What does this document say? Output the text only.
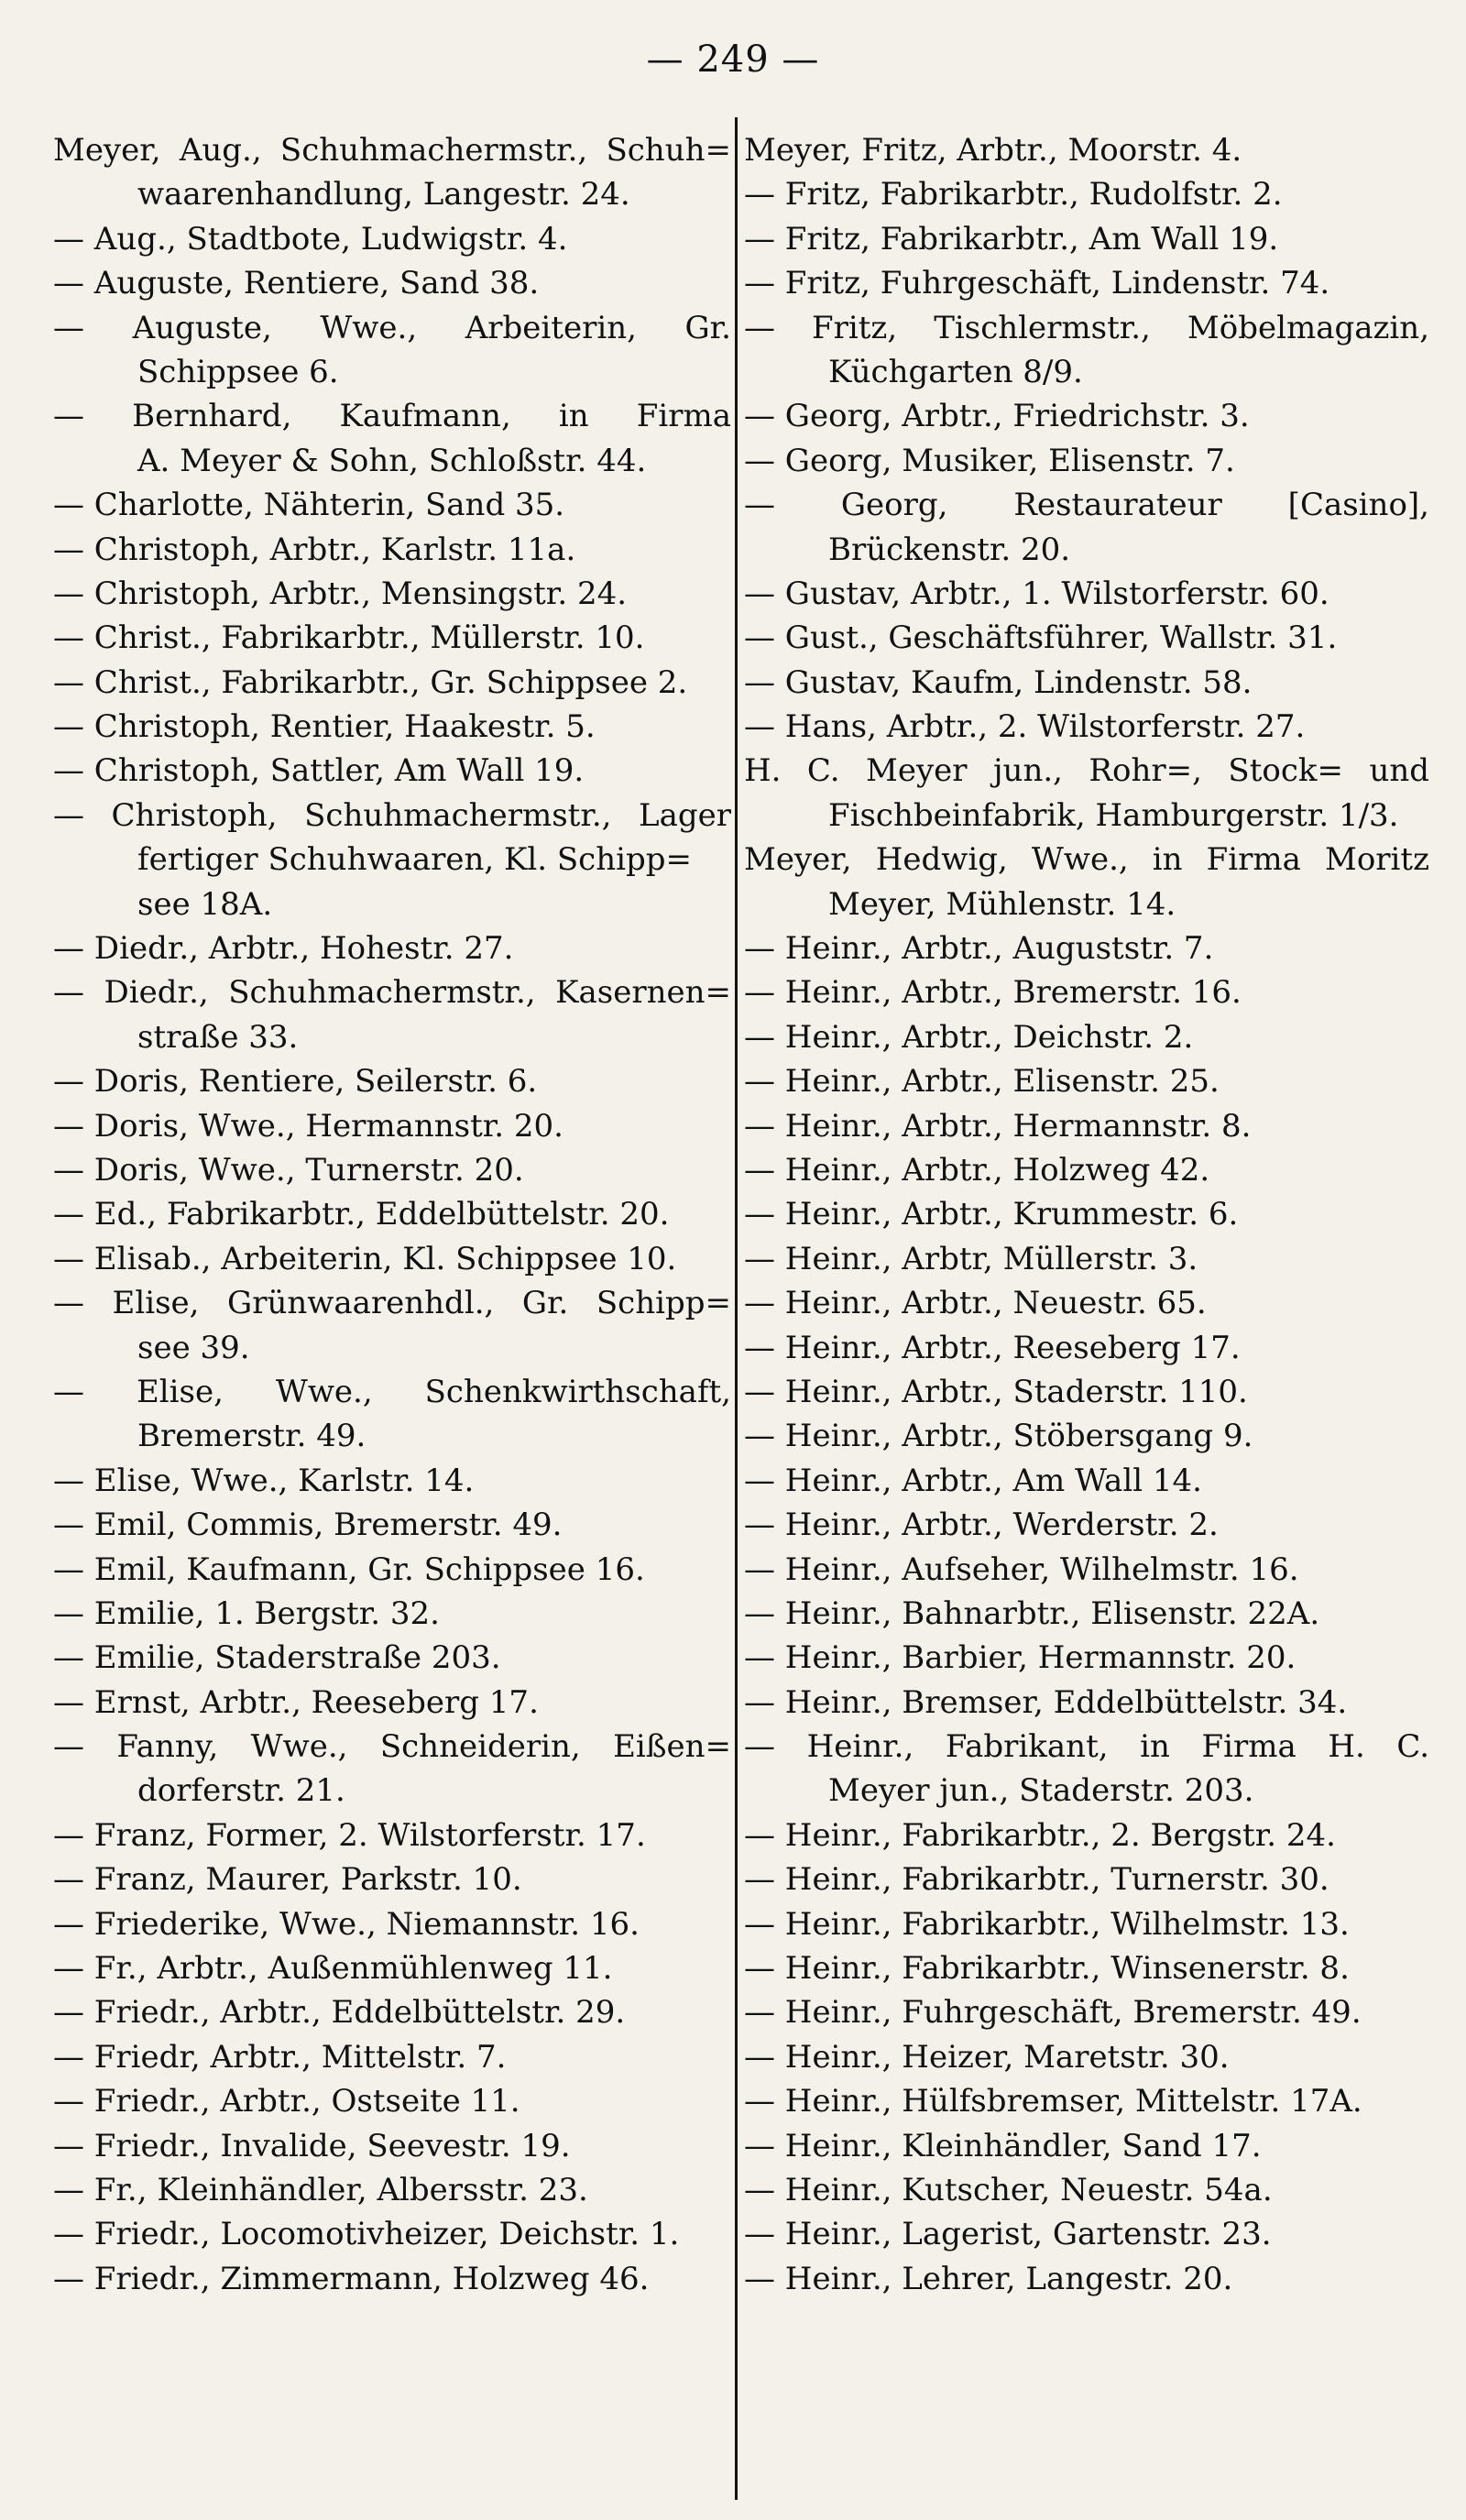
— 249 —
Meyer, Aug., Schuhmachermstr., Schuh=
waarenhandlung, Langestr. 24.
— Aug., Stadtbote, Ludwigstr. 4.
— Auguste, Rentiere, Sand 38.
— Auguste, Wwe., Arbeiterin, Gr.
Schippsee 6.
— Bernhard, Kaufmann, in Firma
A. Meyer & Sohn, Schloßstr. 44.
— Charlotte, Nähterin, Sand 35.
— Christoph, Arbtr., Karlstr. 11a.
— Christoph, Arbtr., Mensingstr. 24.
— Christ., Fabrikarbtr., Müllerstr. 10.
— Christ., Fabrikarbtr., Gr. Schippsee 2.
— Christoph, Rentier, Haakestr. 5.
— Christoph, Sattler, Am Wall 19.
— Christoph, Schuhmachermstr., Lager
fertiger Schuhwaaren, Kl. Schipp=
see 18A.
— Diedr., Arbtr., Hohestr. 27.
— Diedr., Schuhmachermstr., Kasernen=
straße 33.
— Doris, Rentiere, Seilerstr. 6.
— Doris, Wwe., Hermannstr. 20.
— Doris, Wwe., Turnerstr. 20.
— Ed., Fabrikarbtr., Eddelbüttelstr. 20.
— Elisab., Arbeiterin, Kl. Schippsee 10.
— Elise, Grünwaarenhdl., Gr. Schipp=
see 39.
— Elise, Wwe., Schenkwirthschaft,
Bremerstr. 49.
— Elise, Wwe., Karlstr. 14.
— Emil, Commis, Bremerstr. 49.
— Emil, Kaufmann, Gr. Schippsee 16.
— Emilie, 1. Bergstr. 32.
— Emilie, Staderstraße 203.
— Ernst, Arbtr., Reeseberg 17.
— Fanny, Wwe., Schneiderin, Eißen=
dorferstr. 21.
— Franz, Former, 2. Wilstorferstr. 17.
— Franz, Maurer, Parkstr. 10.
— Friederike, Wwe., Niemannstr. 16.
— Fr., Arbtr., Außenmühlenweg 11.
— Friedr., Arbtr., Eddelbüttelstr. 29.
— Friedr, Arbtr., Mittelstr. 7.
— Friedr., Arbtr., Ostseite 11.
— Friedr., Invalide, Seevestr. 19.
— Fr., Kleinhändler, Albersstr. 23.
— Friedr., Locomotivheizer, Deichstr. 1.
— Friedr., Zimmermann, Holzweg 46.
Meyer, Fritz, Arbtr., Moorstr. 4.
— Fritz, Fabrikarbtr., Rudolfstr. 2.
— Fritz, Fabrikarbtr., Am Wall 19.
— Fritz, Fuhrgeschäft, Lindenstr. 74.
— Fritz, Tischlermstr., Möbelmagazin,
Küchgarten 8/9.
— Georg, Arbtr., Friedrichstr. 3.
— Georg, Musiker, Elisenstr. 7.
— Georg, Restaurateur [Casino],
Brückenstr. 20.
— Gustav, Arbtr., 1. Wilstorferstr. 60.
— Gust., Geschäftsführer, Wallstr. 31.
— Gustav, Kaufm, Lindenstr. 58.
— Hans, Arbtr., 2. Wilstorferstr. 27.
H. C. Meyer jun., Rohr=, Stock= und
Fischbeinfabrik, Hamburgerstr. 1/3.
Meyer, Hedwig, Wwe., in Firma Moritz
Meyer, Mühlenstr. 14.
— Heinr., Arbtr., Auguststr. 7.
— Heinr., Arbtr., Bremerstr. 16.
— Heinr., Arbtr., Deichstr. 2.
— Heinr., Arbtr., Elisenstr. 25.
— Heinr., Arbtr., Hermannstr. 8.
— Heinr., Arbtr., Holzweg 42.
— Heinr., Arbtr., Krummestr. 6.
— Heinr., Arbtr, Müllerstr. 3.
— Heinr., Arbtr., Neuestr. 65.
— Heinr., Arbtr., Reeseberg 17.
— Heinr., Arbtr., Staderstr. 110.
— Heinr., Arbtr., Stöbersgang 9.
— Heinr., Arbtr., Am Wall 14.
— Heinr., Arbtr., Werderstr. 2.
— Heinr., Aufseher, Wilhelmstr. 16.
— Heinr., Bahnarbtr., Elisenstr. 22A.
— Heinr., Barbier, Hermannstr. 20.
— Heinr., Bremser, Eddelbüttelstr. 34.
— Heinr., Fabrikant, in Firma H. C.
Meyer jun., Staderstr. 203.
— Heinr., Fabrikarbtr., 2. Bergstr. 24.
— Heinr., Fabrikarbtr., Turnerstr. 30.
— Heinr., Fabrikarbtr., Wilhelmstr. 13.
— Heinr., Fabrikarbtr., Winsenerstr. 8.
— Heinr., Fuhrgeschäft, Bremerstr. 49.
— Heinr., Heizer, Maretstr. 30.
— Heinr., Hülfsbremser, Mittelstr. 17A.
— Heinr., Kleinhändler, Sand 17.
— Heinr., Kutscher, Neuestr. 54a.
— Heinr., Lagerist, Gartenstr. 23.
— Heinr., Lehrer, Langestr. 20.
